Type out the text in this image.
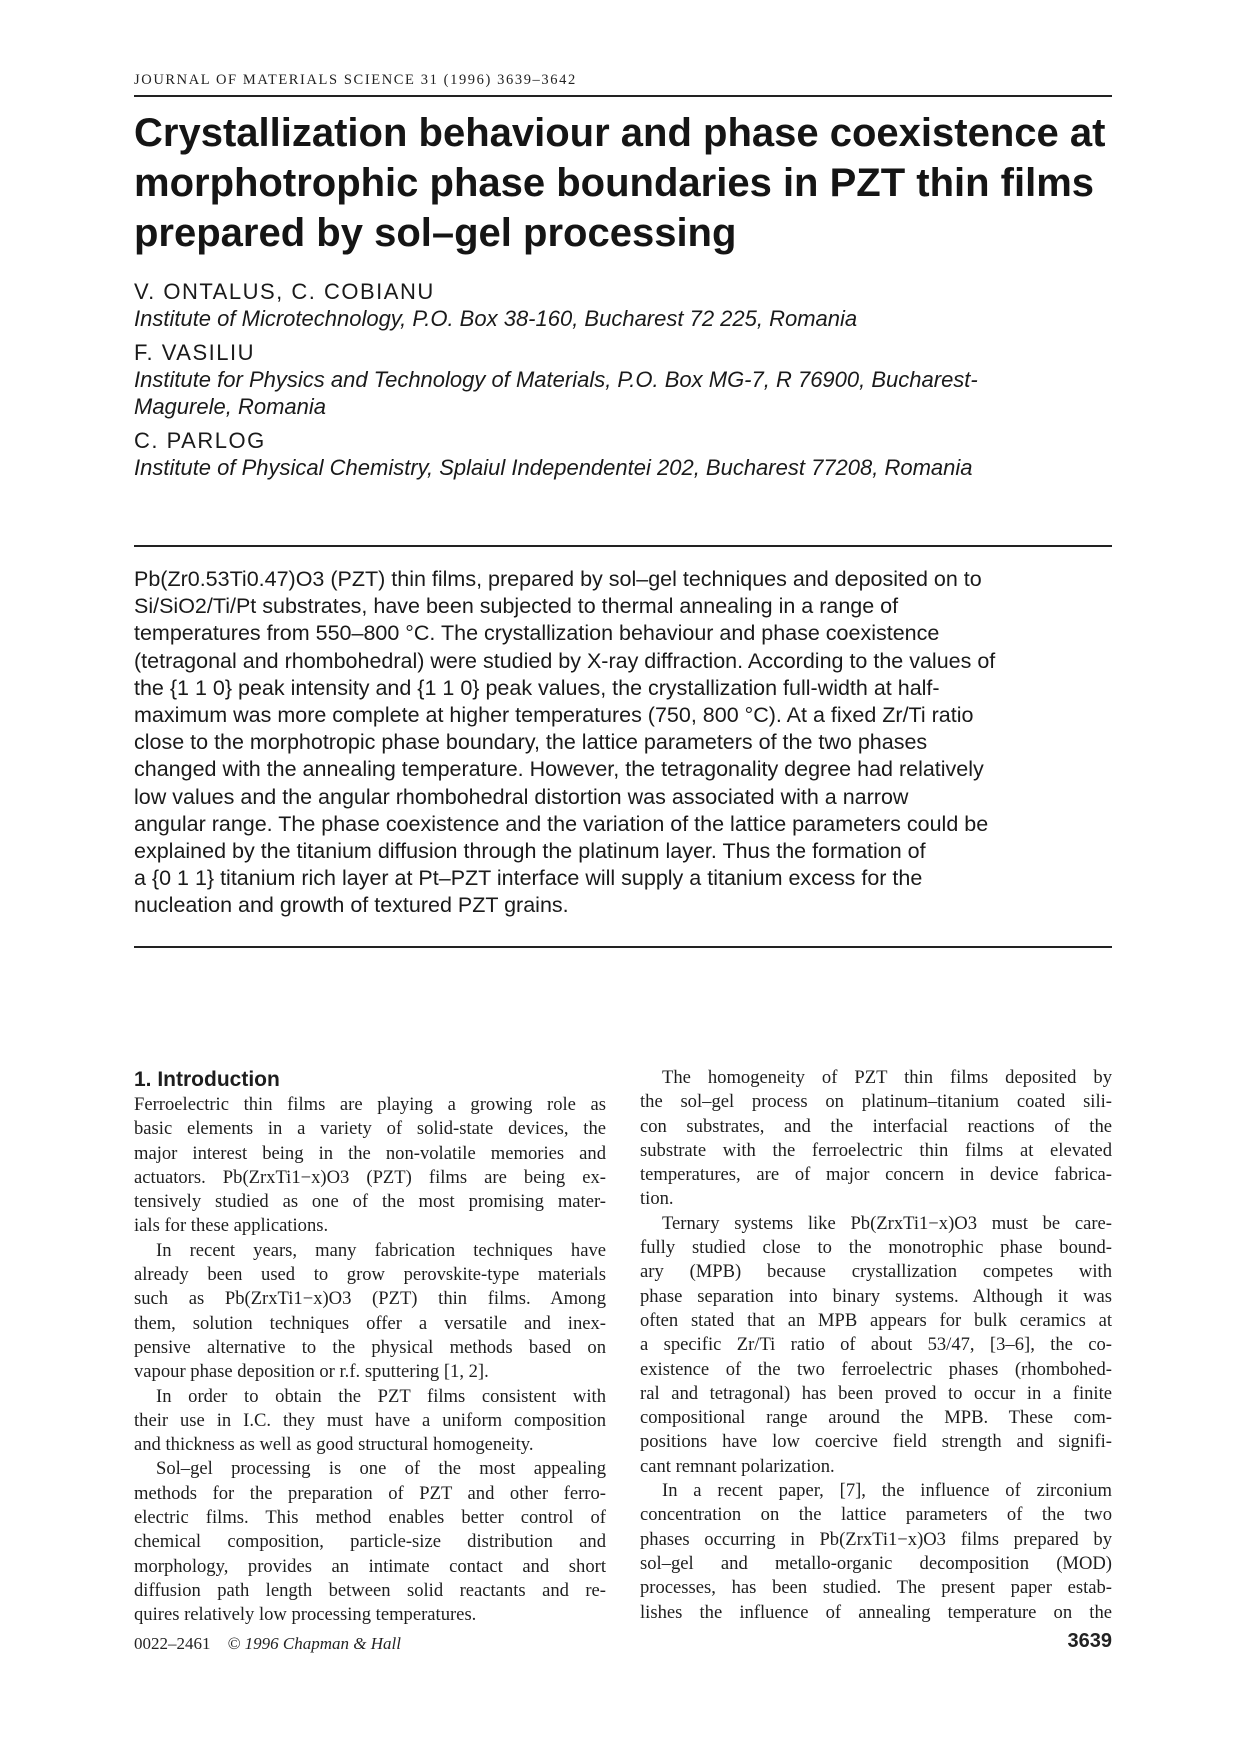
JOURNAL OF MATERIALS SCIENCE 31 (1996) 3639–3642
Crystallization behaviour and phase coexistence at
morphotrophic phase boundaries in PZT thin films
prepared by sol–gel processing
V. ONTALUS, C. COBIANU
Institute of Microtechnology, P.O. Box 38-160, Bucharest 72 225, Romania
F. VASILIU
Institute for Physics and Technology of Materials, P.O. Box MG-7, R 76900, Bucharest-
Magurele, Romania
C. PARLOG
Institute of Physical Chemistry, Splaiul Independentei 202, Bucharest 77208, Romania
Pb(Zr0.53Ti0.47)O3 (PZT) thin films, prepared by sol–gel techniques and deposited on to
Si/SiO2/Ti/Pt substrates, have been subjected to thermal annealing in a range of
temperatures from 550–800 °C. The crystallization behaviour and phase coexistence
(tetragonal and rhombohedral) were studied by X-ray diffraction. According to the values of
the {1 1 0} peak intensity and {1 1 0} peak values, the crystallization full-width at half-
maximum was more complete at higher temperatures (750, 800 °C). At a fixed Zr/Ti ratio
close to the morphotropic phase boundary, the lattice parameters of the two phases
changed with the annealing temperature. However, the tetragonality degree had relatively
low values and the angular rhombohedral distortion was associated with a narrow
angular range. The phase coexistence and the variation of the lattice parameters could be
explained by the titanium diffusion through the platinum layer. Thus the formation of
a {0 1 1} titanium rich layer at Pt–PZT interface will supply a titanium excess for the
nucleation and growth of textured PZT grains.
1. Introduction
Ferroelectric thin films are playing a growing role as
basic elements in a variety of solid-state devices, the
major interest being in the non-volatile memories and
actuators. Pb(ZrxTi1−x)O3 (PZT) films are being ex-
tensively studied as one of the most promising mater-
ials for these applications.
In recent years, many fabrication techniques have
already been used to grow perovskite-type materials
such as Pb(ZrxTi1−x)O3 (PZT) thin films. Among
them, solution techniques offer a versatile and inex-
pensive alternative to the physical methods based on
vapour phase deposition or r.f. sputtering [1, 2].
In order to obtain the PZT films consistent with
their use in I.C. they must have a uniform composition
and thickness as well as good structural homogeneity.
Sol–gel processing is one of the most appealing
methods for the preparation of PZT and other ferro-
electric films. This method enables better control of
chemical composition, particle-size distribution and
morphology, provides an intimate contact and short
diffusion path length between solid reactants and re-
quires relatively low processing temperatures.
The homogeneity of PZT thin films deposited by
the sol–gel process on platinum–titanium coated sili-
con substrates, and the interfacial reactions of the
substrate with the ferroelectric thin films at elevated
temperatures, are of major concern in device fabrica-
tion.
Ternary systems like Pb(ZrxTi1−x)O3 must be care-
fully studied close to the monotrophic phase bound-
ary (MPB) because crystallization competes with
phase separation into binary systems. Although it was
often stated that an MPB appears for bulk ceramics at
a specific Zr/Ti ratio of about 53/47, [3–6], the co-
existence of the two ferroelectric phases (rhombohed-
ral and tetragonal) has been proved to occur in a finite
compositional range around the MPB. These com-
positions have low coercive field strength and signifi-
cant remnant polarization.
In a recent paper, [7], the influence of zirconium
concentration on the lattice parameters of the two
phases occurring in Pb(ZrxTi1−x)O3 films prepared by
sol–gel and metallo-organic decomposition (MOD)
processes, has been studied. The present paper estab-
lishes the influence of annealing temperature on the
0022–2461 © 1996 Chapman & Hall	3639
